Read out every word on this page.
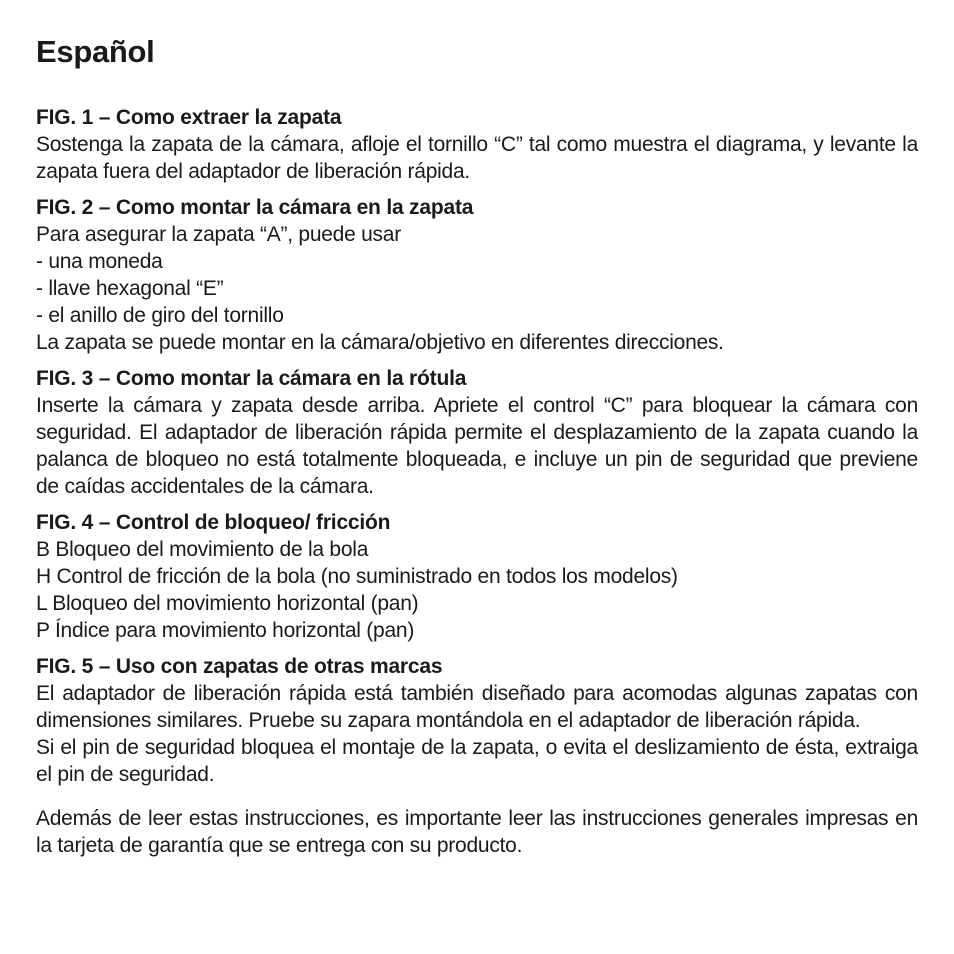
Español

FIG. 1 – Como extraer la zapata

Sostenga la zapata de la cámara, afloje el tornillo “C” tal como muestra el diagrama, y levante la zapata fuera del adaptador de liberación rápida.

FIG. 2 – Como montar la cámara en la zapata

Para asegurar la zapata “A”, puede usar

- una moneda

- llave hexagonal “E”

- el anillo de giro del tornillo

La zapata se puede montar en la cámara/objetivo en diferentes direcciones.

FIG. 3 – Como montar la cámara en la rótula

Inserte la cámara y zapata desde arriba. Apriete el control “C” para bloquear la cámara con seguridad. El adaptador de liberación rápida permite el desplazamiento de la zapata cuando la palanca de bloqueo no está totalmente bloqueada, e incluye un pin de seguridad que previene de caídas accidentales de la cámara.

FIG. 4 – Control de bloqueo/ fricción

B Bloqueo del movimiento de la bola

H Control de fricción de la bola (no suministrado en todos los modelos)

L Bloqueo del movimiento horizontal (pan)

P Índice para movimiento horizontal (pan)

FIG. 5 – Uso con zapatas de otras marcas

El adaptador de liberación rápida está también diseñado para acomodas algunas zapatas con dimensiones similares. Pruebe su zapara montándola en el adaptador de liberación rápida.

Si el pin de seguridad bloquea el montaje de la zapata, o evita el deslizamiento de ésta, extraiga el pin de seguridad.

Además de leer estas instrucciones, es importante leer las instrucciones generales impresas en la tarjeta de garantía que se entrega con su producto.
